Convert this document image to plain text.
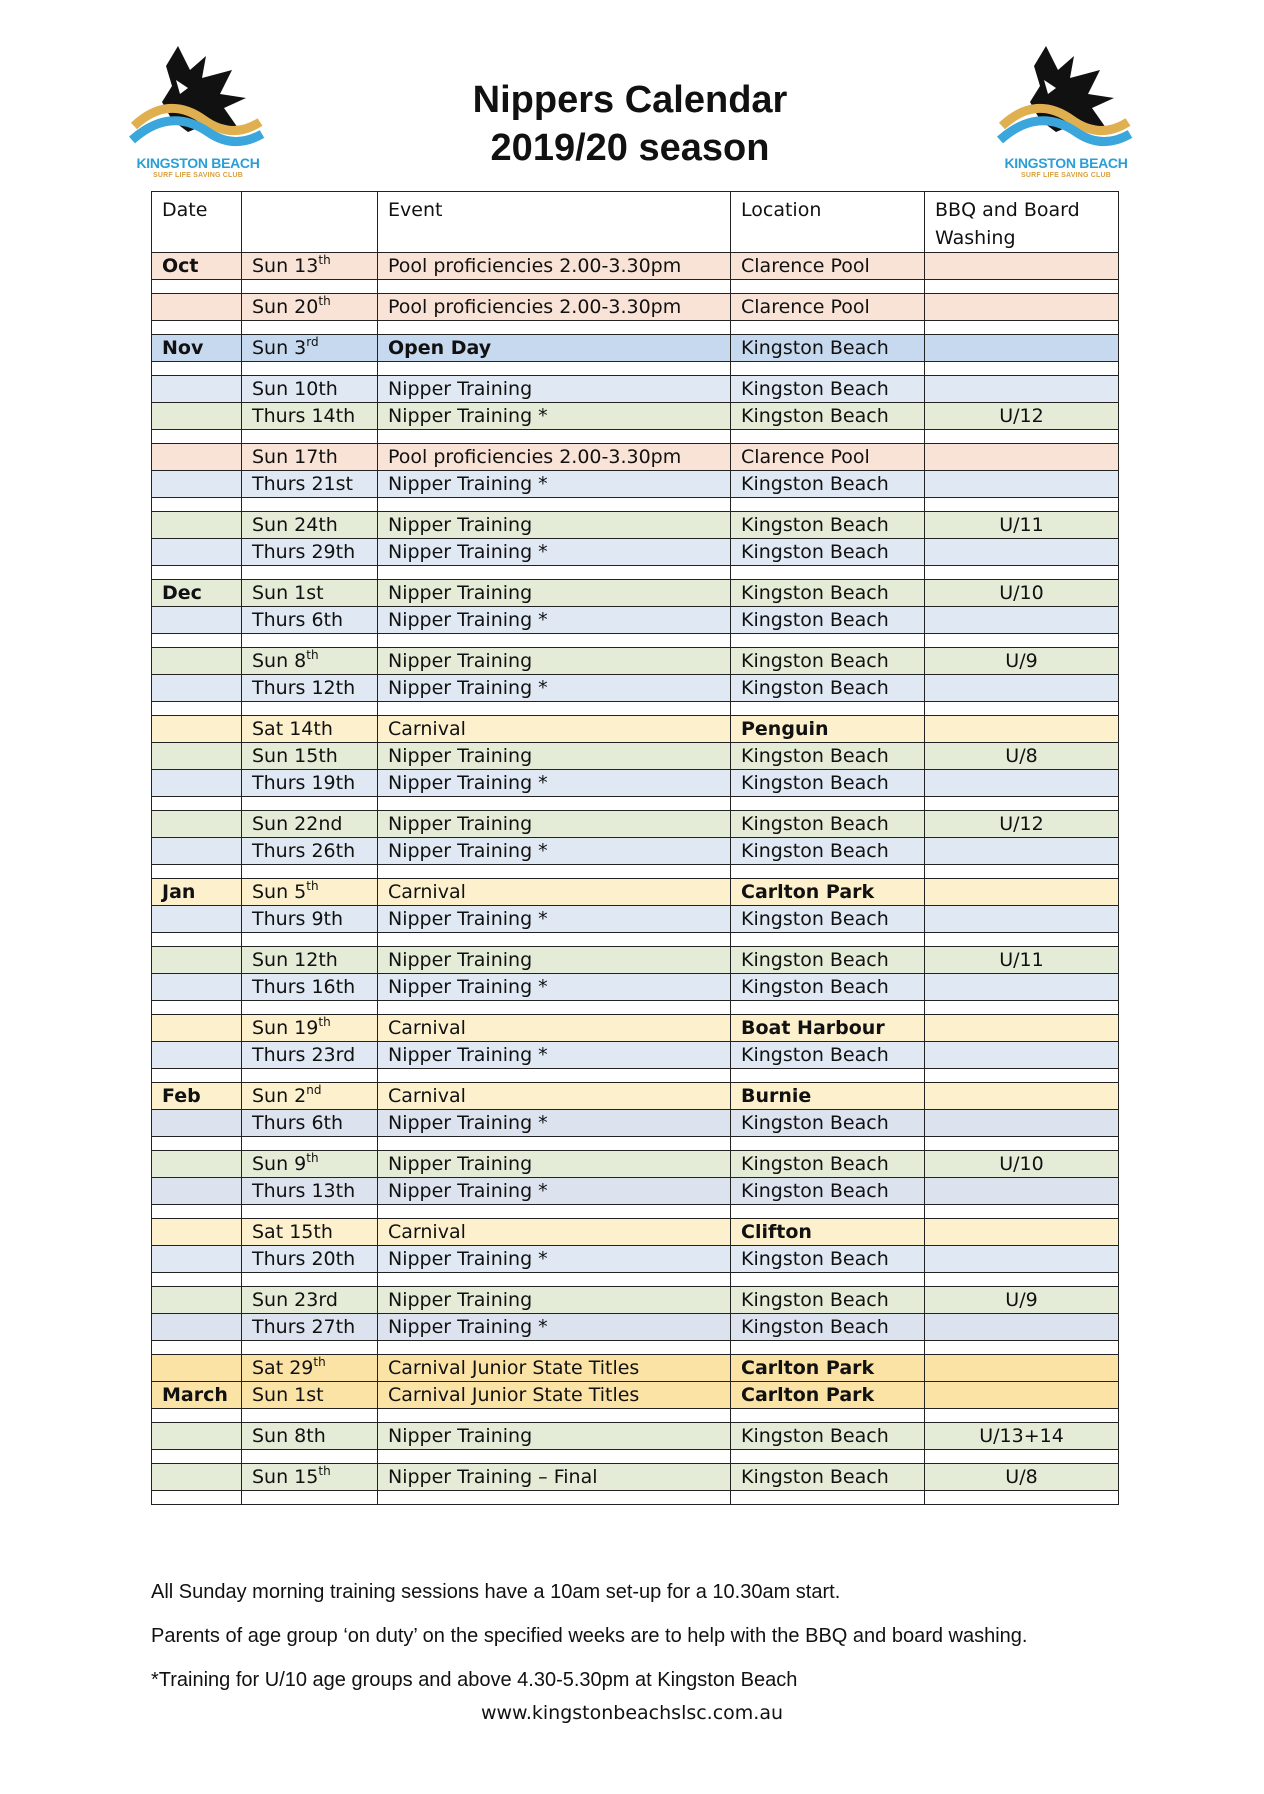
KINGSTON BEACH
SURF LIFE SAVING CLUB
KINGSTON BEACH
SURF LIFE SAVING CLUB
Nippers Calendar
2019/20 season
Date		Event	Location	BBQ and Board Washing
Oct	Sun 13th	Pool proficiencies 2.00-3.30pm	Clarence Pool	

	Sun 20th	Pool proficiencies 2.00-3.30pm	Clarence Pool	

Nov	Sun 3rd	Open Day	Kingston Beach	

	Sun 10th	Nipper Training	Kingston Beach	
	Thurs 14th	Nipper Training *	Kingston Beach	U/12

	Sun 17th	Pool proficiencies 2.00-3.30pm	Clarence Pool	
	Thurs 21st	Nipper Training *	Kingston Beach	

	Sun 24th	Nipper Training	Kingston Beach	U/11
	Thurs 29th	Nipper Training *	Kingston Beach	

Dec	Sun 1st	Nipper Training	Kingston Beach	U/10
	Thurs 6th	Nipper Training *	Kingston Beach	

	Sun 8th	Nipper Training	Kingston Beach	U/9
	Thurs 12th	Nipper Training *	Kingston Beach	

	Sat 14th	Carnival	Penguin	
	Sun 15th	Nipper Training	Kingston Beach	U/8
	Thurs 19th	Nipper Training *	Kingston Beach	

	Sun 22nd	Nipper Training	Kingston Beach	U/12
	Thurs 26th	Nipper Training *	Kingston Beach	

Jan	Sun 5th	Carnival	Carlton Park	
	Thurs 9th	Nipper Training *	Kingston Beach	

	Sun 12th	Nipper Training	Kingston Beach	U/11
	Thurs 16th	Nipper Training *	Kingston Beach	

	Sun 19th	Carnival	Boat Harbour	
	Thurs 23rd	Nipper Training *	Kingston Beach	

Feb	Sun 2nd	Carnival	Burnie	
	Thurs 6th	Nipper Training *	Kingston Beach	

	Sun 9th	Nipper Training	Kingston Beach	U/10
	Thurs 13th	Nipper Training *	Kingston Beach	

	Sat 15th	Carnival	Clifton	
	Thurs 20th	Nipper Training *	Kingston Beach	

	Sun 23rd	Nipper Training	Kingston Beach	U/9
	Thurs 27th	Nipper Training *	Kingston Beach	

	Sat 29th	Carnival Junior State Titles	Carlton Park	
March	Sun 1st	Carnival Junior State Titles	Carlton Park	

	Sun 8th	Nipper Training	Kingston Beach	U/13+14

	Sun 15th	Nipper Training – Final	Kingston Beach	U/8

All Sunday morning training sessions have a 10am set-up for a 10.30am start.

Parents of age group ‘on duty’ on the specified weeks are to help with the BBQ and board washing.

*Training for U/10 age groups and above 4.30-5.30pm at Kingston Beach

www.kingstonbeachslsc.com.au
